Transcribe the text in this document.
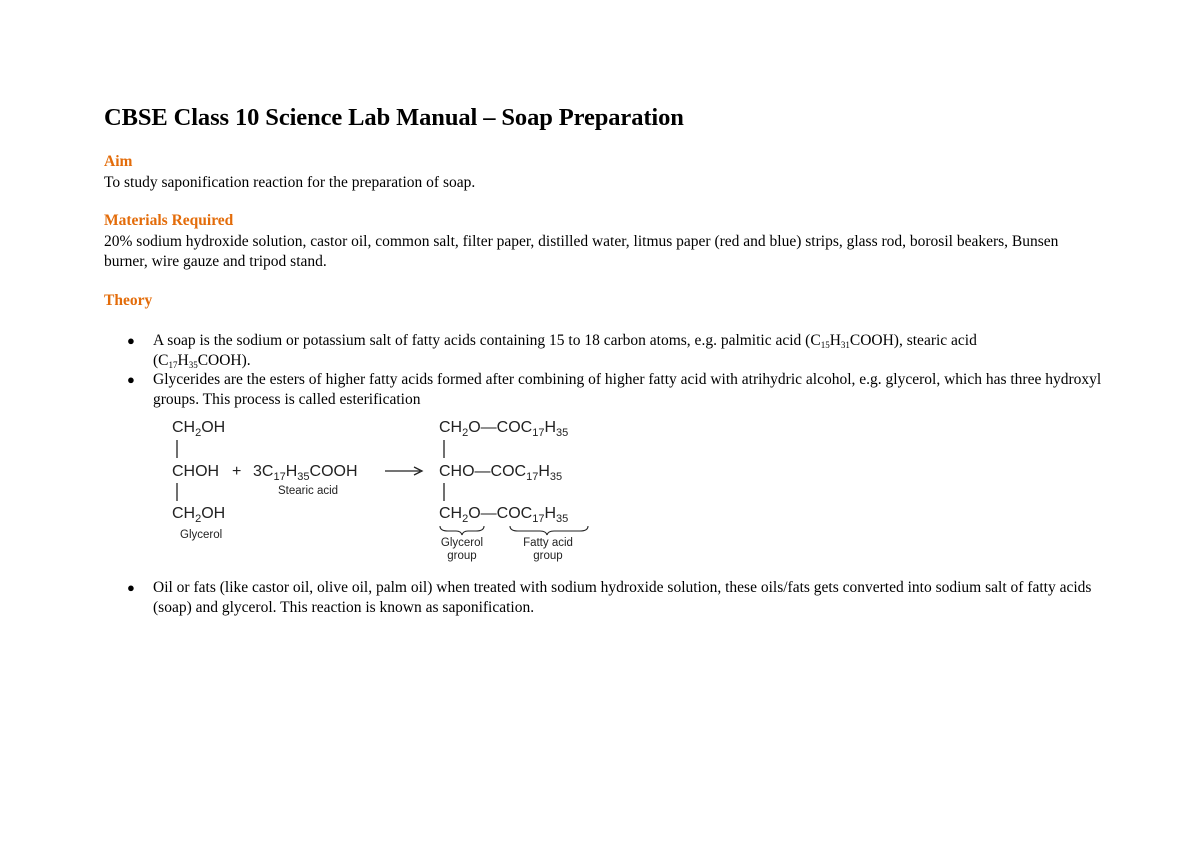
CBSE Class 10 Science Lab Manual – Soap Preparation

Aim

To study saponification reaction for the preparation of soap.

Materials Required

20% sodium hydroxide solution, castor oil, common salt, filter paper, distilled water, litmus paper (red and blue) strips, glass rod, borosil beakers, Bunsen burner, wire gauze and tripod stand.

Theory

● A soap is the sodium or potassium salt of fatty acids containing 15 to 18 carbon atoms, e.g. palmitic acid $(C_{15}H_{31}COOH)$, stearic acid
$(C_{17}H_{35}COOH)$.
● Glycerides are the esters of higher fatty acids formed after combining of higher fatty acid with atrihydric alcohol, e.g. glycerol, which has three hydroxyl groups. This process is called esterification
● Oil or fats (like castor oil, olive oil, palm oil) when treated with sodium hydroxide solution, these oils/fats gets converted into sodium salt of fatty acids (soap) and glycerol. This reaction is known as saponification.
$CH_2OH$
CHOH
$CH_2OH$
Glycerol
+ $3C_{17}H_{35}COOH$
Stearic acid
$CH_2O—COC_{17}H_{35}$
$CHO—COC_{17}H_{35}$
$CH_2O—COC_{17}H_{35}$
Glycerol
group
Fatty acid
group
